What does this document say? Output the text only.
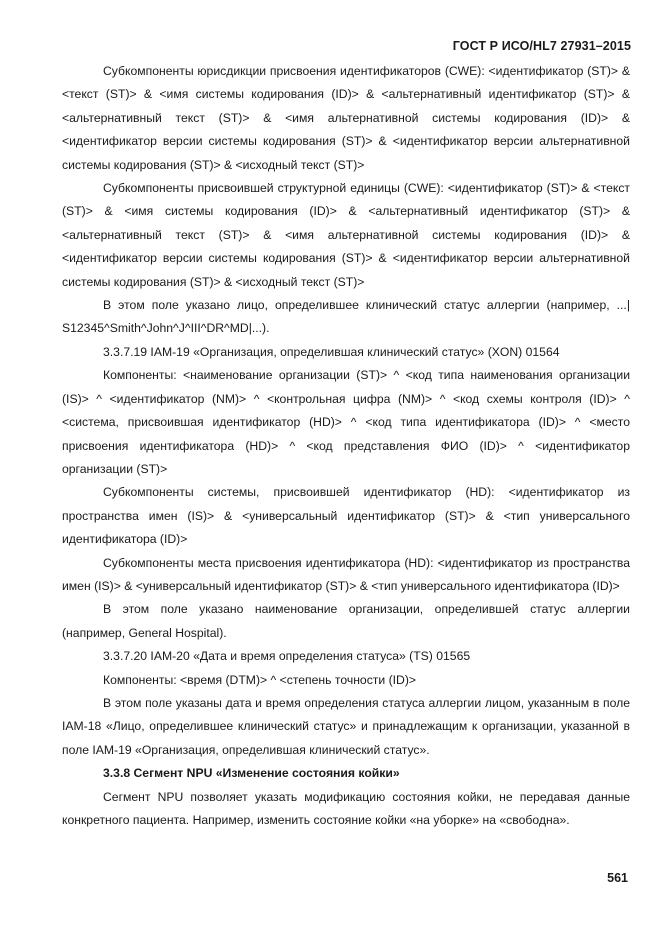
ГОСТ Р ИСО/HL7 27931–2015

Субкомпоненты юрисдикции присвоения идентификаторов (CWE): <идентификатор (ST)> & <текст (ST)> & <имя системы кодирования (ID)> & <альтернативный идентификатор (ST)> & <альтернативный текст (ST)> & <имя альтернативной системы кодирования (ID)> & <идентификатор версии системы кодирования (ST)> & <идентификатор версии альтернативной системы кодирования (ST)> & <исходный текст (ST)>

Субкомпоненты присвоившей структурной единицы (CWE): <идентификатор (ST)> & <текст (ST)> & <имя системы кодирования (ID)> & <альтернативный идентификатор (ST)> & <альтернативный текст (ST)> & <имя альтернативной системы кодирования (ID)> & <идентификатор версии системы кодирования (ST)> & <идентификатор версии альтернативной системы кодирования (ST)> & <исходный текст (ST)>

В этом поле указано лицо, определившее клинический статус аллергии (например, ...| S12345^Smith^John^J^III^DR^MD|...).

3.3.7.19 IAM-19 «Организация, определившая клинический статус» (XON) 01564

Компоненты: <наименование организации (ST)> ^ <код типа наименования организации (IS)> ^ <идентификатор (NM)> ^ <контрольная цифра (NM)> ^ <код схемы контроля (ID)> ^ <система, присвоившая идентификатор (HD)> ^ <код типа идентификатора (ID)> ^ <место присвоения идентификатора (HD)> ^ <код представления ФИО (ID)> ^ <идентификатор организации (ST)>

Субкомпоненты системы, присвоившей идентификатор (HD): <идентификатор из пространства имен (IS)> & <универсальный идентификатор (ST)> & <тип универсального идентификатора (ID)>

Субкомпоненты места присвоения идентификатора (HD): <идентификатор из пространства имен (IS)> & <универсальный идентификатор (ST)> & <тип универсального идентификатора (ID)>

В этом поле указано наименование организации, определившей статус аллергии (например, General Hospital).

3.3.7.20 IAM-20 «Дата и время определения статуса» (TS) 01565

Компоненты: <время (DTM)> ^ <степень точности (ID)>

В этом поле указаны дата и время определения статуса аллергии лицом, указанным в поле IAM-18 «Лицо, определившее клинический статус» и принадлежащим к организации, указанной в поле IAM-19 «Организация, определившая клинический статус».

3.3.8 Сегмент NPU «Изменение состояния койки»

Сегмент NPU позволяет указать модификацию состояния койки, не передавая данные конкретного пациента. Например, изменить состояние койки «на уборке» на «свободна».

561
